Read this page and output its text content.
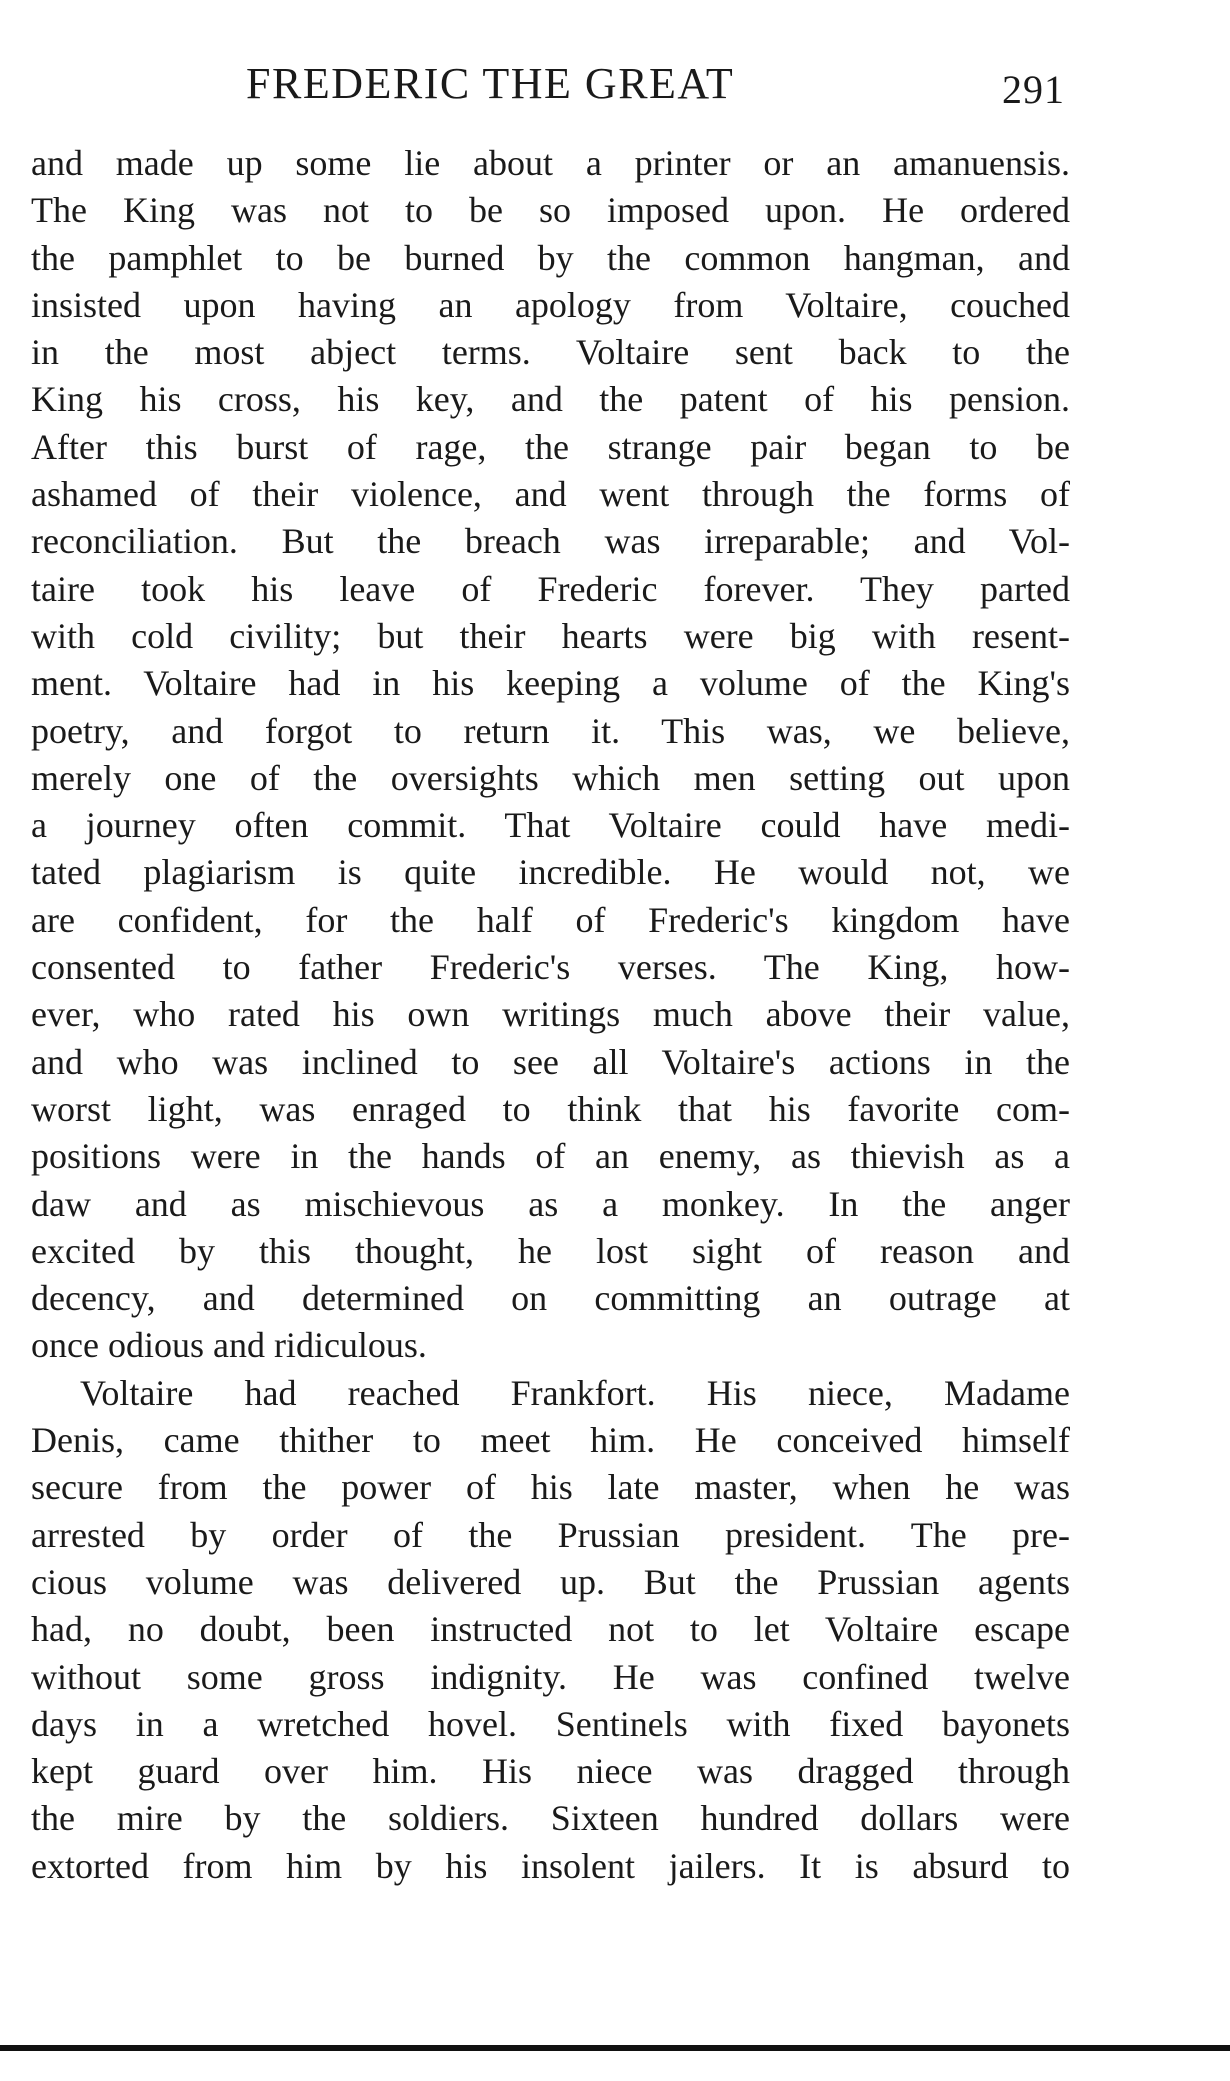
FREDERIC THE GREAT	291
and made up some lie about a printer or an amanuensis.
The King was not to be so imposed upon. He ordered
the pamphlet to be burned by the common hangman, and
insisted upon having an apology from Voltaire, couched
in the most abject terms. Voltaire sent back to the
King his cross, his key, and the patent of his pension.
After this burst of rage, the strange pair began to be
ashamed of their violence, and went through the forms of
reconciliation. But the breach was irreparable; and Vol-
taire took his leave of Frederic forever. They parted
with cold civility; but their hearts were big with resent-
ment. Voltaire had in his keeping a volume of the King's
poetry, and forgot to return it. This was, we believe,
merely one of the oversights which men setting out upon
a journey often commit. That Voltaire could have medi-
tated plagiarism is quite incredible. He would not, we
are confident, for the half of Frederic's kingdom have
consented to father Frederic's verses. The King, how-
ever, who rated his own writings much above their value,
and who was inclined to see all Voltaire's actions in the
worst light, was enraged to think that his favorite com-
positions were in the hands of an enemy, as thievish as a
daw and as mischievous as a monkey. In the anger
excited by this thought, he lost sight of reason and
decency, and determined on committing an outrage at
once odious and ridiculous.
Voltaire had reached Frankfort. His niece, Madame
Denis, came thither to meet him. He conceived himself
secure from the power of his late master, when he was
arrested by order of the Prussian president. The pre-
cious volume was delivered up. But the Prussian agents
had, no doubt, been instructed not to let Voltaire escape
without some gross indignity. He was confined twelve
days in a wretched hovel. Sentinels with fixed bayonets
kept guard over him. His niece was dragged through
the mire by the soldiers. Sixteen hundred dollars were
extorted from him by his insolent jailers. It is absurd to
